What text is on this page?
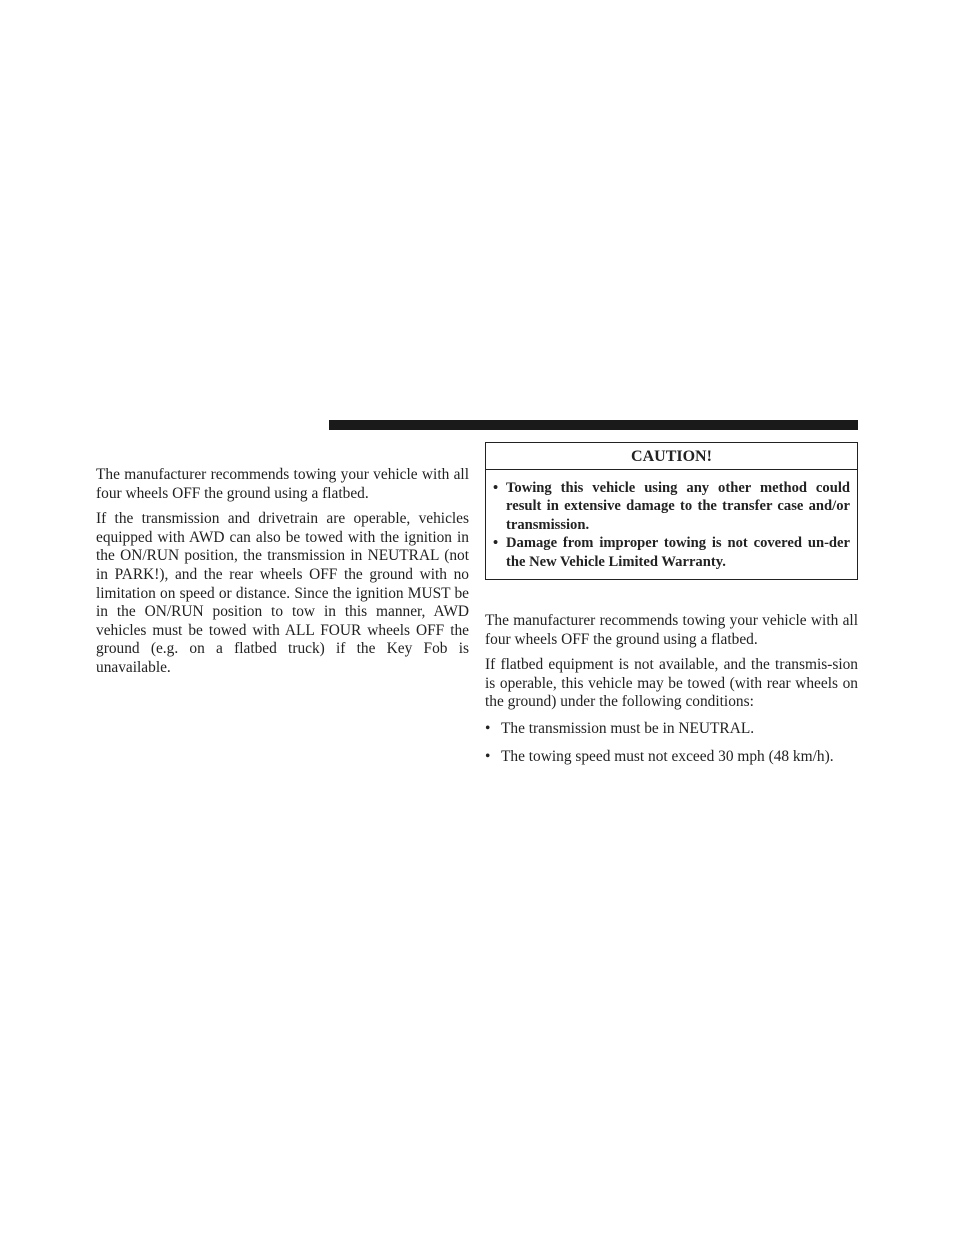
The manufacturer recommends towing your vehicle with all four wheels OFF the ground using a flatbed.

If the transmission and drivetrain are operable, vehicles equipped with AWD can also be towed with the ignition in the ON/RUN position, the transmission in NEUTRAL (not in PARK!), and the rear wheels OFF the ground with no limitation on speed or distance. Since the ignition MUST be in the ON/RUN position to tow in this manner, AWD vehicles must be towed with ALL FOUR wheels OFF the ground (e.g. on a flatbed truck) if the Key Fob is unavailable.

CAUTION!
• Towing this vehicle using any other method could result in extensive damage to the transfer case and/or transmission.
• Damage from improper towing is not covered un-der the New Vehicle Limited Warranty.

The manufacturer recommends towing your vehicle with all four wheels OFF the ground using a flatbed.

If flatbed equipment is not available, and the transmis-sion is operable, this vehicle may be towed (with rear wheels on the ground) under the following conditions:

• The transmission must be in NEUTRAL.
• The towing speed must not exceed 30 mph (48 km/h).
